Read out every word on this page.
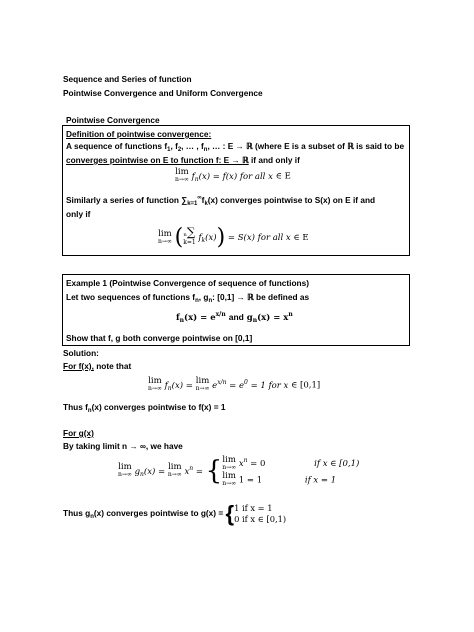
Sequence and Series of function
Pointwise Convergence and Uniform Convergence
Pointwise Convergence
Definition of pointwise convergence:
A sequence of functions $f_1$, $f_2$, … , $f_n$, … : E → ℝ (where E is a subset of ℝ is said to be
converges pointwise on E to function f: E → ℝ if and only if
lim
n→∞ $f_n(x) = f(x)$ for all x ∈ E
Similarly a series of function $\sum_{k=1}^\infty f_k(x)$ converges pointwise to S(x) on E if and
only if
lim
n→∞ (n∑
k=1 $f_k(x)) = S(x)$ for all x ∈ E
Example 1 (Pointwise Convergence of sequence of functions)
Let two sequences of functions $f_n$, $g_n$: [0,1] → ℝ be defined as
$f_n(x) = e^{x/n}$ and $g_n(x) = x^n$
Show that f, g both converge pointwise on [0,1]
Solution:
For f(x), note that
lim
n→∞ $f_n(x) = \lim$
n→∞ $e^{x/n} = e^0 = 1$ for x ∈ [0,1]
Thus $f_n(x)$ converges pointwise to f(x) = 1
For g(x)
By taking limit n → ∞, we have
lim
n→∞ $g_n(x) = \lim$
n→∞ $x^n = \{\lim$
n→∞ $x^n = 0$	if x ∈ [0,1)
lim
n→∞ 1 = 1	if x = 1
Thus $g_n(x)$ converges pointwise to g(x) = {1 if x = 1
0 if x ∈ [0,1)
